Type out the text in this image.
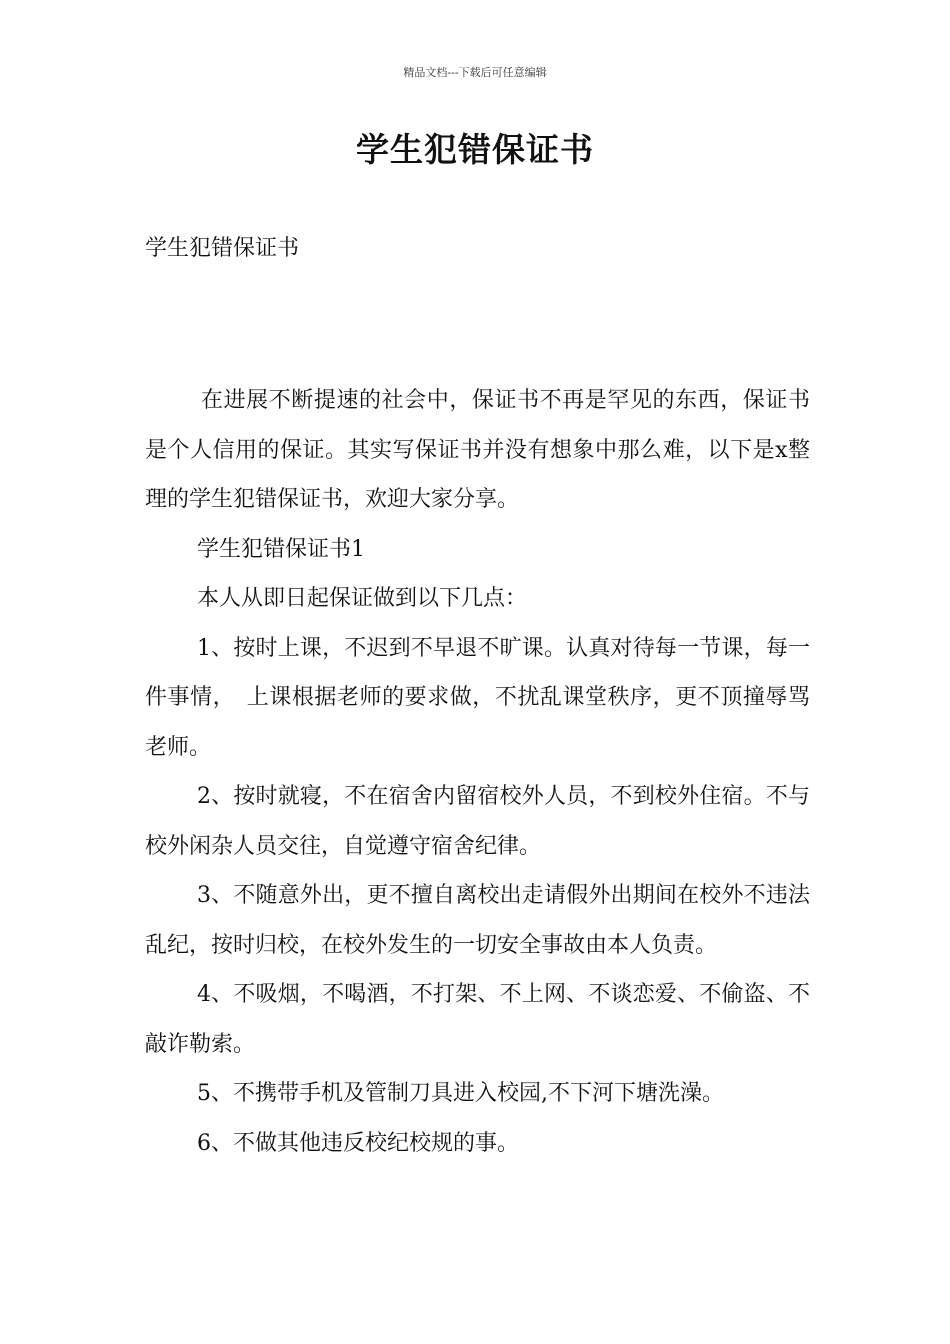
精品文档---下载后可任意编辑
学生犯错保证书
学生犯错保证书

在进展不断提速的社会中，保证书不再是罕见的东西，保证书是个人信用的保证。其实写保证书并没有想象中那么难，以下是x整理的学生犯错保证书，欢迎大家分享。

学生犯错保证书1

本人从即日起保证做到以下几点：

1、按时上课，不迟到不早退不旷课。认真对待每一节课，每一件事情，　上课根据老师的要求做，不扰乱课堂秩序，更不顶撞辱骂老师。

2、按时就寝，不在宿舍内留宿校外人员，不到校外住宿。不与校外闲杂人员交往，自觉遵守宿舍纪律。

3、不随意外出，更不擅自离校出走请假外出期间在校外不违法乱纪，按时归校，在校外发生的一切安全事故由本人负责。

4、不吸烟，不喝酒，不打架、不上网、不谈恋爱、不偷盗、不敲诈勒索。

5、不携带手机及管制刀具进入校园,不下河下塘洗澡。

6、不做其他违反校纪校规的事。
